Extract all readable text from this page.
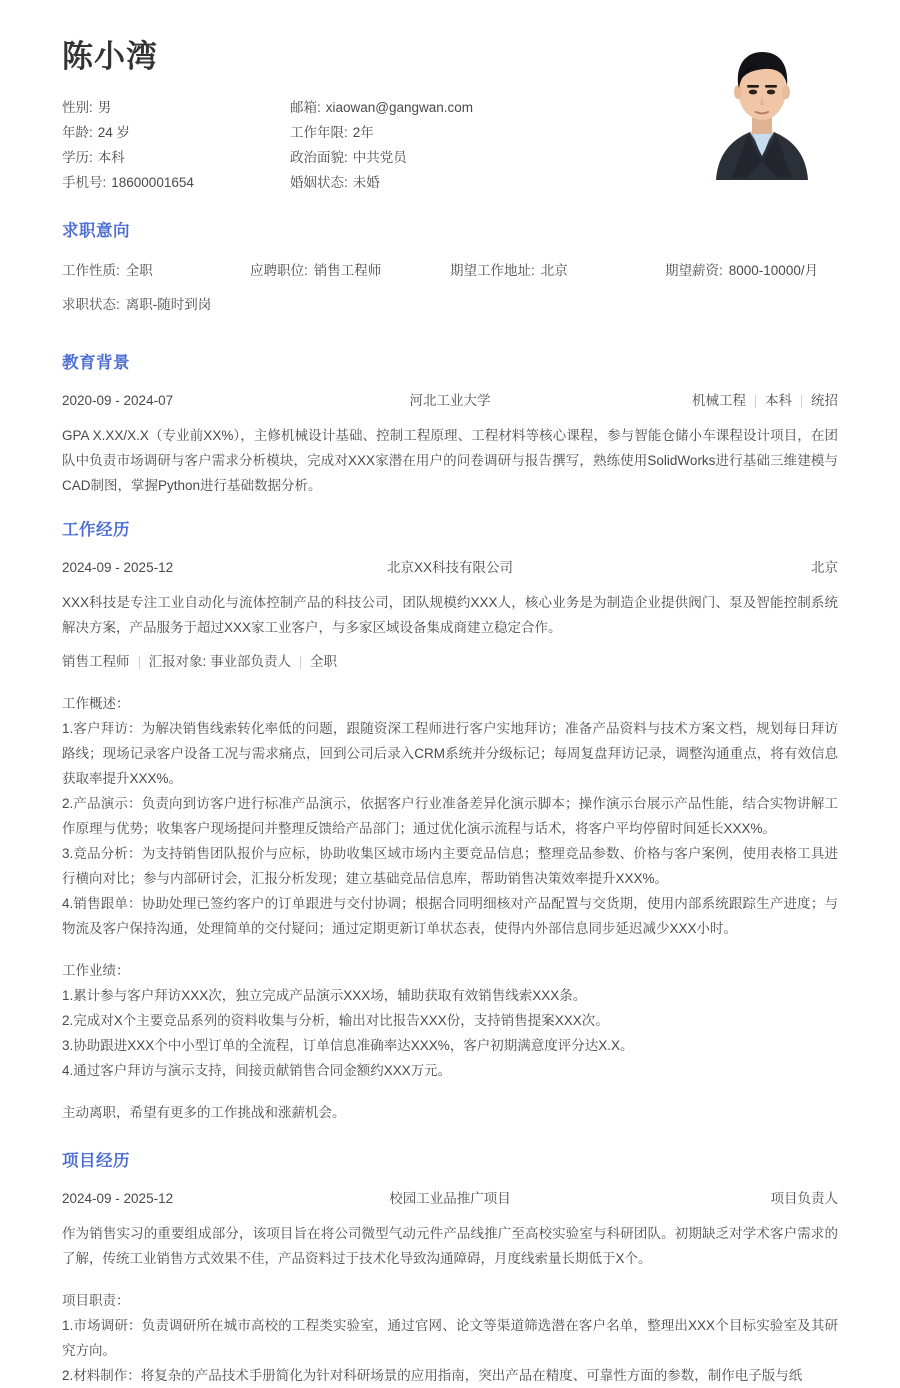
陈小湾
性别: 男	邮箱: xiaowan@gangwan.com
年龄: 24 岁	工作年限: 2年
学历: 本科	政治面貌: 中共党员
手机号: 18600001654	婚姻状态: 未婚
求职意向
工作性质: 全职	应聘职位: 销售工程师	期望工作地址: 北京	期望薪资: 8000-10000/月
求职状态: 离职-随时到岗
教育背景
2020-09 - 2024-07	河北工业大学	机械工程	本科	统招

GPA X.XX/X.X（专业前XX%），主修机械设计基础、控制工程原理、工程材料等核心课程，参与智能仓储小车课程设计项目，在团队中负责市场调研与客户需求分析模块，完成对XXX家潜在用户的问卷调研与报告撰写，熟练使用SolidWorks进行基础三维建模与CAD制图，掌握Python进行基础数据分析。

工作经历
2024-09 - 2025-12	北京XX科技有限公司	北京

XXX科技是专注工业自动化与流体控制产品的科技公司，团队规模约XXX人，核心业务是为制造企业提供阀门、泵及智能控制系统解决方案，产品服务于超过XXX家工业客户，与多家区域设备集成商建立稳定合作。

销售工程师	汇报对象: 事业部负责人	全职

工作概述：

1.客户拜访：为解决销售线索转化率低的问题，跟随资深工程师进行客户实地拜访；准备产品资料与技术方案文档，规划每日拜访路线；现场记录客户设备工况与需求痛点，回到公司后录入CRM系统并分级标记；每周复盘拜访记录，调整沟通重点，将有效信息获取率提升XXX%。
2.产品演示：负责向到访客户进行标准产品演示，依据客户行业准备差异化演示脚本；操作演示台展示产品性能，结合实物讲解工作原理与优势；收集客户现场提问并整理反馈给产品部门；通过优化演示流程与话术，将客户平均停留时间延长XXX%。
3.竞品分析：为支持销售团队报价与应标，协助收集区域市场内主要竞品信息；整理竞品参数、价格与客户案例，使用表格工具进行横向对比；参与内部研讨会，汇报分析发现；建立基础竞品信息库，帮助销售决策效率提升XXX%。
4.销售跟单：协助处理已签约客户的订单跟进与交付协调；根据合同明细核对产品配置与交货期，使用内部系统跟踪生产进度；与物流及客户保持沟通，处理简单的交付疑问；通过定期更新订单状态表，使得内外部信息同步延迟减少XXX小时。

工作业绩：

1.累计参与客户拜访XXX次，独立完成产品演示XXX场，辅助获取有效销售线索XXX条。
2.完成对X个主要竞品系列的资料收集与分析，输出对比报告XXX份，支持销售提案XXX次。
3.协助跟进XXX个中小型订单的全流程，订单信息准确率达XXX%，客户初期满意度评分达X.X。
4.通过客户拜访与演示支持，间接贡献销售合同金额约XXX万元。

主动离职，希望有更多的工作挑战和涨薪机会。

项目经历
2024-09 - 2025-12	校园工业品推广项目	项目负责人

作为销售实习的重要组成部分，该项目旨在将公司微型气动元件产品线推广至高校实验室与科研团队。初期缺乏对学术客户需求的了解，传统工业销售方式效果不佳，产品资料过于技术化导致沟通障碍，月度线索量长期低于X个。

项目职责：

1.市场调研：负责调研所在城市高校的工程类实验室，通过官网、论文等渠道筛选潜在客户名单，整理出XXX个目标实验室及其研究方向。
2.材料制作：将复杂的产品技术手册简化为针对科研场景的应用指南，突出产品在精度、可靠性方面的参数，制作电子版与纸
